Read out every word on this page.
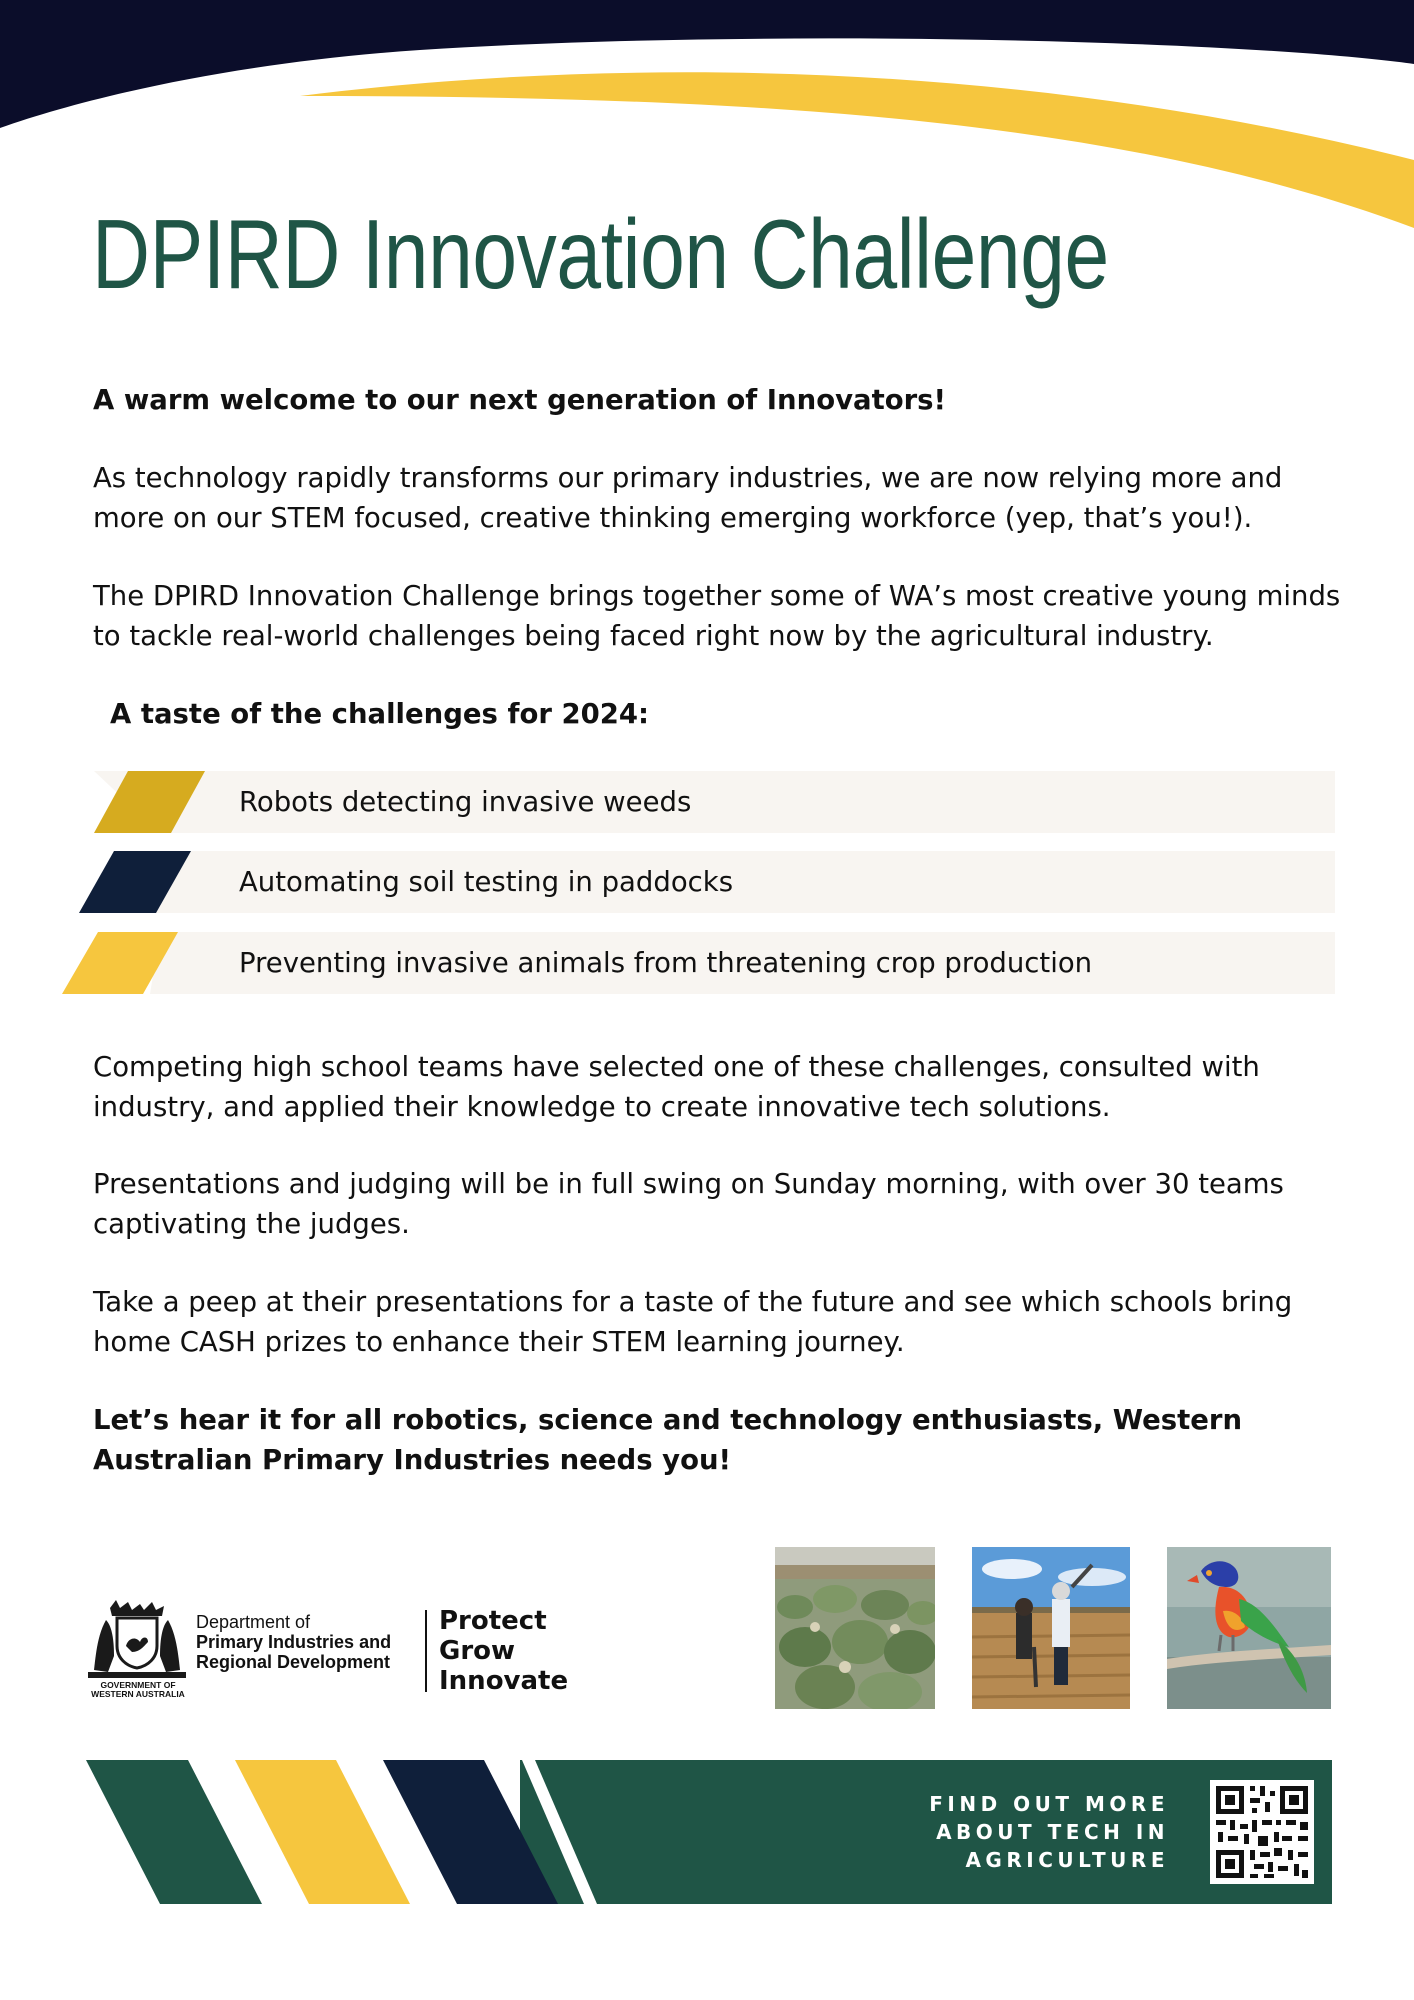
DPIRD Innovation Challenge

A warm welcome to our next generation of Innovators!

As technology rapidly transforms our primary industries, we are now relying more and more on our STEM focused, creative thinking emerging workforce (yep, that’s you!).

The DPIRD Innovation Challenge brings together some of WA’s most creative young minds to tackle real-world challenges being faced right now by the agricultural industry.

A taste of the challenges for 2024:

Robots detecting invasive weeds
Automating soil testing in paddocks
Preventing invasive animals from threatening crop production

Competing high school teams have selected one of these challenges, consulted with industry, and applied their knowledge to create innovative tech solutions.

Presentations and judging will be in full swing on Sunday morning, with over 30 teams captivating the judges.

Take a peep at their presentations for a taste of the future and see which schools bring home CASH prizes to enhance their STEM learning journey.

Let’s hear it for all robotics, science and technology enthusiasts, Western Australian Primary Industries needs you!

GOVERNMENT OF
WESTERN AUSTRALIA
Department of
Primary Industries and
Regional Development
Protect
Grow
Innovate
FIND OUT MORE
ABOUT TECH IN
AGRICULTURE
